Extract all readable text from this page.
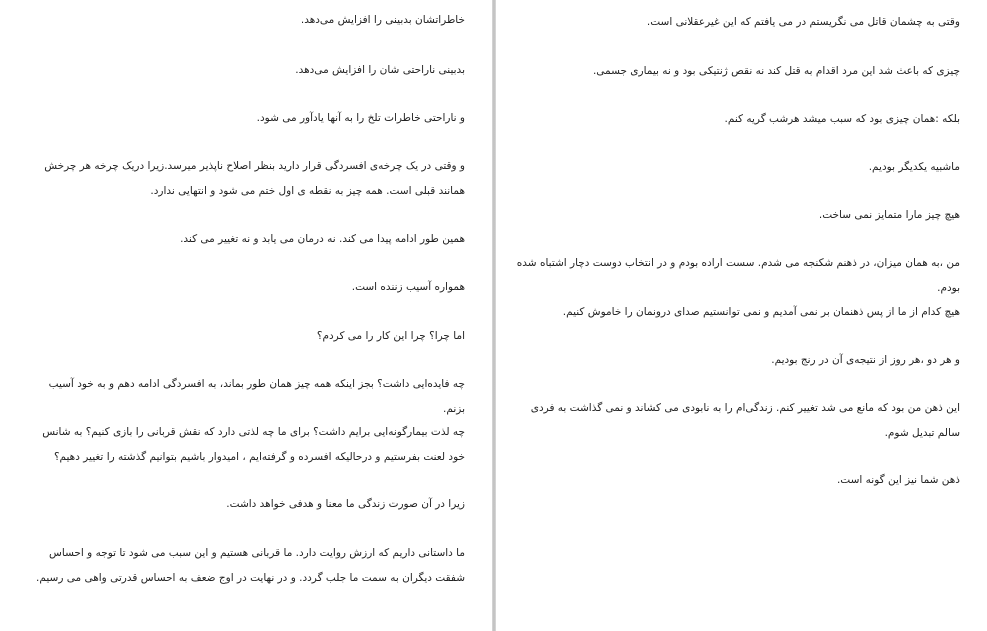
خاطراتشان بدبینی را افزایش می‌دهد.

بدبینی ناراحتی شان را افزایش می‌دهد.

و ناراحتی خاطرات تلخ را به آنها یادآور می شود.

و وقتی در یک چرخه‌ی افسردگی قرار دارید بنظر اصلاح ناپذیر میرسد.زیرا دریک چرخه هر چرخش همانند قبلی است. همه چیز به نقطه ی اول ختم می شود و انتهایی ندارد.

همین طور ادامه پیدا می کند. نه درمان می یابد و نه تغییر می کند.

همواره آسیب زننده است.

اما چرا؟ چرا این کار را می کردم؟

چه فایده‌ایی داشت؟ بجز اینکه همه چیز همان طور بماند، به افسردگی ادامه دهم و به خود آسیب بزنم.

چه لذت بیمارگونه‌ایی برایم داشت؟ برای ما چه لذتی دارد که نقش قربانی را بازی کنیم؟ به شانس خود لعنت بفرستیم و درحالیکه افسرده و گرفته‌ایم ، امیدوار باشیم بتوانیم گذشته را تغییر دهیم؟

زیرا در آن صورت زندگی ما معنا و هدفی خواهد داشت.

ما داستانی داریم که ارزش روایت دارد. ما قربانی هستیم و این سبب می شود تا توجه و احساس شفقت دیگران به سمت ما جلب گردد. و در نهایت در اوج ضعف به احساس قدرتی واهی می رسیم.

وقتی به چشمان قاتل می نگریستم در می یافتم که این غیرعقلانی است.

چیزی که باعث شد این مرد اقدام به قتل کند نه نقص ژنتیکی بود و نه بیماری جسمی.

بلکه :همان چیزی بود که سبب میشد هرشب گریه کنم.

ماشبیه یکدیگر بودیم.

هیچ چیز مارا متمایز نمی ساخت.

من ،به همان میزان، در ذهنم شکنجه می شدم. سست اراده بودم و در انتخاب دوست دچار اشتباه شده بودم.

هیچ کدام از ما از پس ذهنمان بر نمی آمدیم و نمی توانستیم صدای درونمان را خاموش کنیم.

و هر دو ،هر روز از نتیجه‌ی آن در رنج بودیم.

این ذهن من بود که مانع می شد تغییر کنم. زندگی‌ام را به نابودی می کشاند و نمی گذاشت به فردی سالم تبدیل شوم.

ذهن شما نیز این گونه است.
